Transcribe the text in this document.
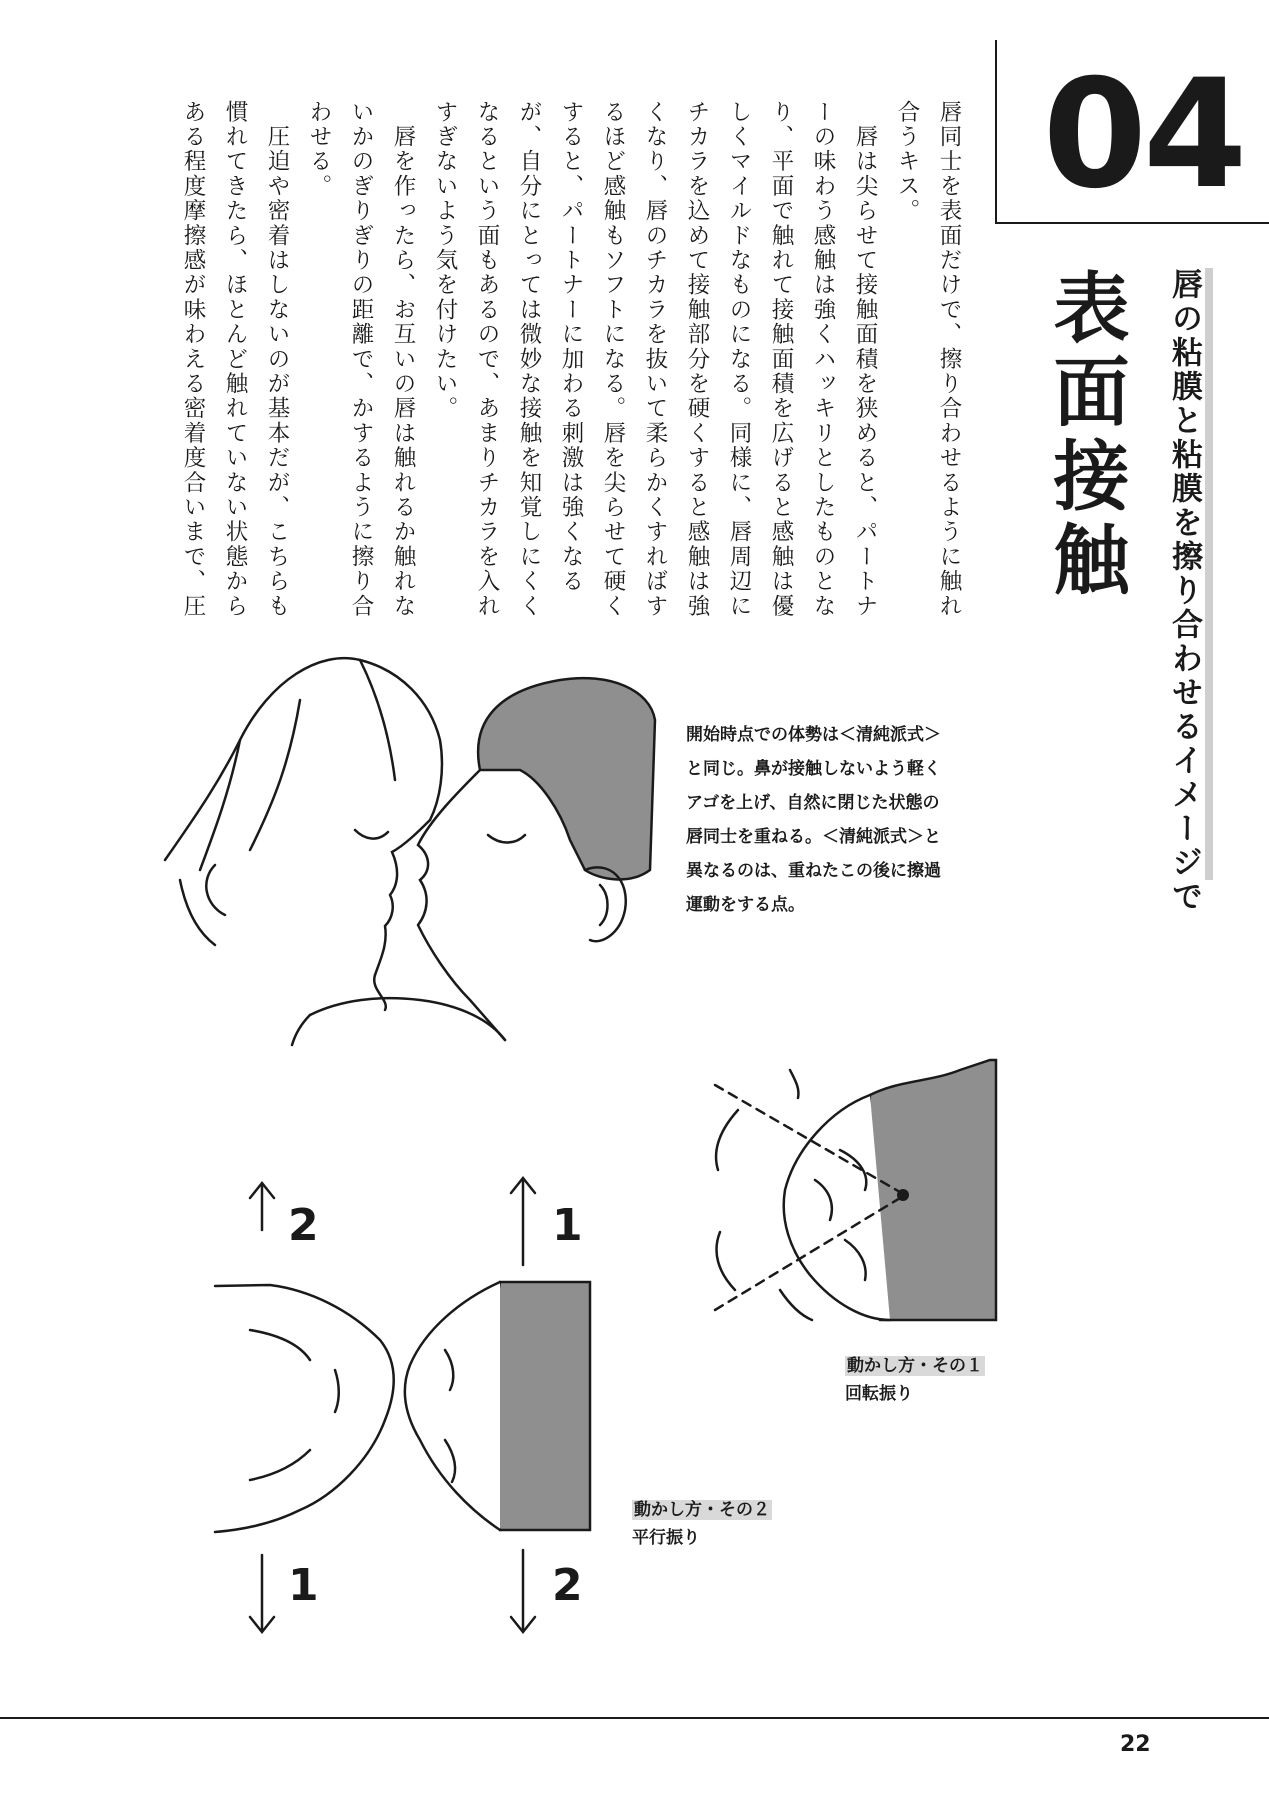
04
表面接触 唇の粘膜と粘膜を擦り合わせるイメージで

唇同士を表面だけで、擦り合わせるように触れ合うキス。

　唇は尖らせて接触面積を狭めると、パートナーの味わう感触は強くハッキリとしたものとなり、平面で触れて接触面積を広げると感触は優しくマイルドなものになる。同様に、唇周辺にチカラを込めて接触部分を硬くすると感触は強くなり、唇のチカラを抜いて柔らかくすればするほど感触もソフトになる。唇を尖らせて硬くすると、パートナーに加わる刺激は強くなるが、自分にとっては微妙な接触を知覚しにくくなるという面もあるので、あまりチカラを入れすぎないよう気を付けたい。

　唇を作ったら、お互いの唇は触れるか触れないかのぎりぎりの距離で、かするように擦り合わせる。

　圧迫や密着はしないのが基本だが、こちらも慣れてきたら、ほとんど触れていない状態からある程度摩擦感が味わえる密着度合いまで、圧

2	1
1	2
開始時点での体勢は＜清純派式＞と同じ。鼻が接触しないよう軽くアゴを上げ、自然に閉じた状態の唇同士を重ねる。＜清純派式＞と異なるのは、重ねたこの後に擦過運動をする点。
動かし方・その１
回転振り
動かし方・その２
平行振り
22
